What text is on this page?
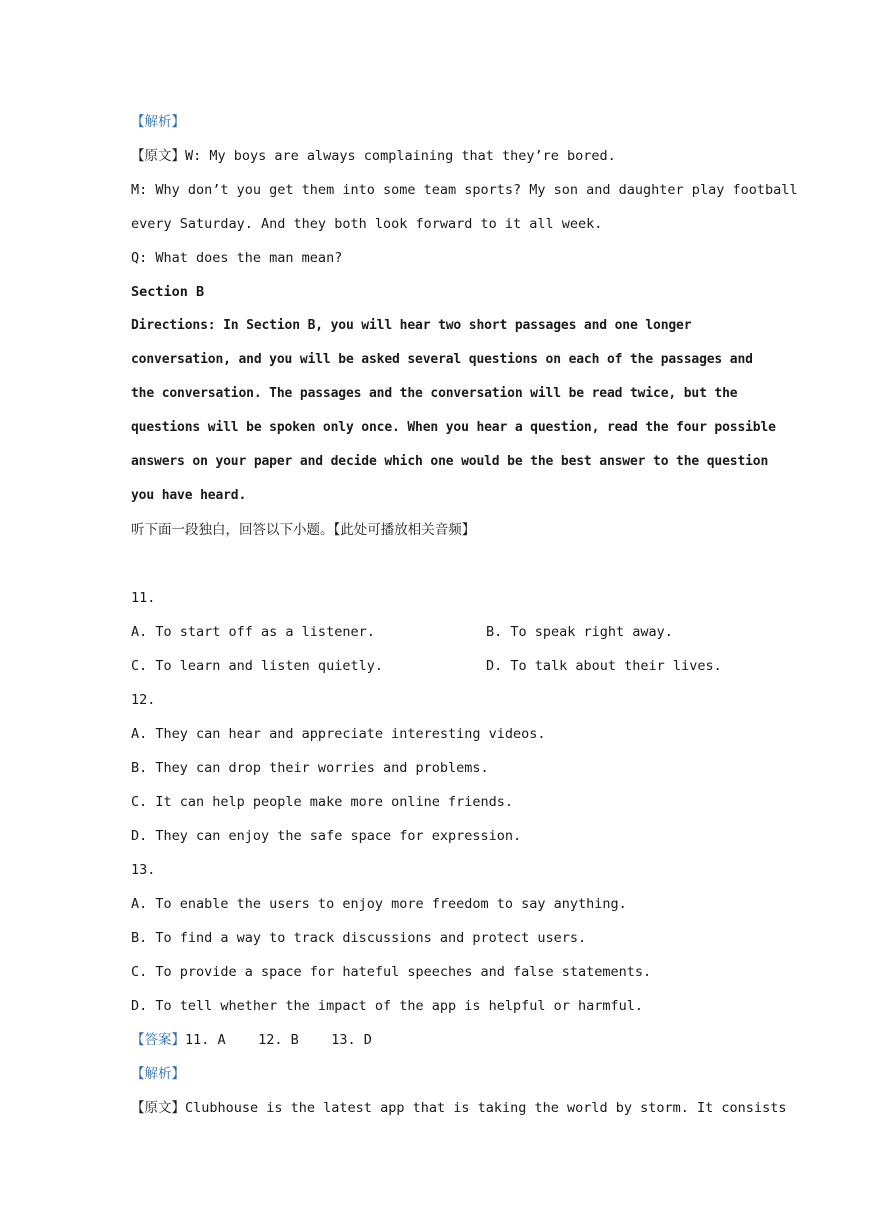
【解析】
【原文】W: My boys are always complaining that they’re bored.
M: Why don’t you get them into some team sports? My son and daughter play football
every Saturday. And they both look forward to it all week.
Q: What does the man mean?
Section B
Directions: In Section B, you will hear two short passages and one longer
conversation, and you will be asked several questions on each of the passages and
the conversation. The passages and the conversation will be read twice, but the
questions will be spoken only once. When you hear a question, read the four possible
answers on your paper and decide which one would be the best answer to the question
you have heard.
听下面一段独白，回答以下小题。【此处可播放相关音频】
11.
A. To start off as a listener.	B. To speak right away.
C. To learn and listen quietly.	D. To talk about their lives.
12.
A. They can hear and appreciate interesting videos.
B. They can drop their worries and problems.
C. It can help people make more online friends.
D. They can enjoy the safe space for expression.
13.
A. To enable the users to enjoy more freedom to say anything.
B. To find a way to track discussions and protect users.
C. To provide a space for hateful speeches and false statements.
D. To tell whether the impact of the app is helpful or harmful.
【答案】11. A    12. B    13. D
【解析】
【原文】Clubhouse is the latest app that is taking the world by storm. It consists
